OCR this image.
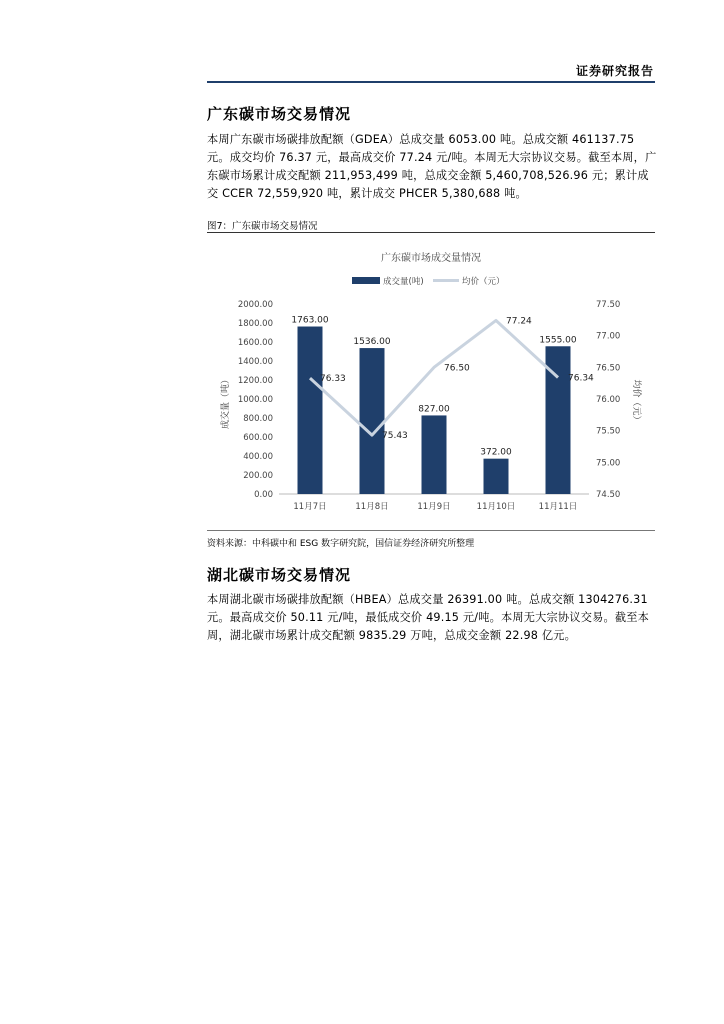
证券研究报告
广东碳市场交易情况
本周广东碳市场碳排放配额（GDEA）总成交量 6053.00 吨。总成交额 461137.75 元。成交均价 76.37 元，最高成交价 77.24 元/吨。本周无大宗协议交易。截至本周，广东碳市场累计成交配额 211,953,499 吨，总成交金额 5,460,708,526.96 元；累计成交 CCER 72,559,920 吨，累计成交 PHCER 5,380,688 吨。
图7：广东碳市场交易情况
广东碳市场成交量情况
成交量(吨)	均价（元）
0.00
200.00
400.00
600.00
800.00
1000.00
1200.00
1400.00
1600.00
1800.00
2000.00
74.50
75.00
75.50
76.00
76.50
77.00
77.50
成交量（吨）	均价（元）
1763.00
1536.00
827.00
372.00
1555.00
76.33
75.43
76.50
77.24
76.34
11月7日	11月8日	11月9日	11月10日	11月11日
资料来源：中科碳中和 ESG 数字研究院，国信证券经济研究所整理
湖北碳市场交易情况
本周湖北碳市场碳排放配额（HBEA）总成交量 26391.00 吨。总成交额 1304276.31 元。最高成交价 50.11 元/吨，最低成交价 49.15 元/吨。本周无大宗协议交易。截至本周，湖北碳市场累计成交配额 9835.29 万吨，总成交金额 22.98 亿元。
